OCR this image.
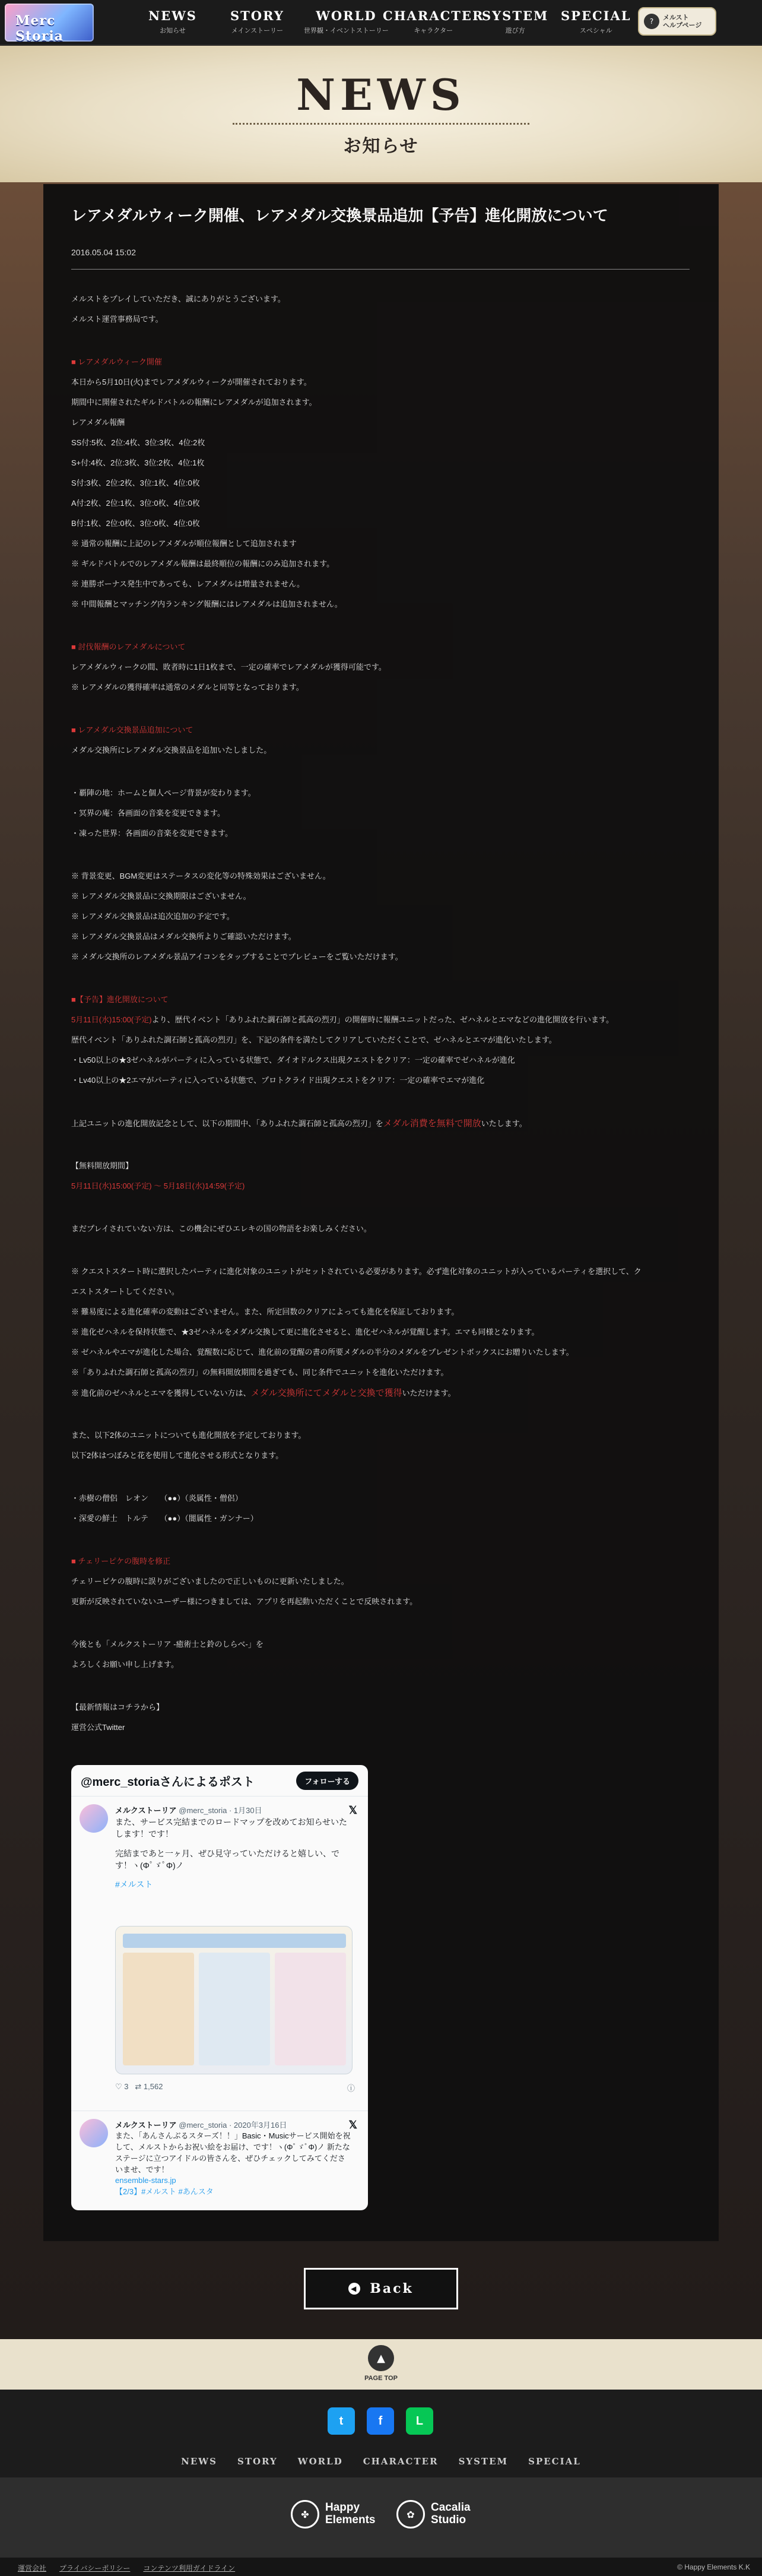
Merc Storia
NEWS
お知らせ
STORY
メインストーリー
WORLD
世界観・イベントストーリー
CHARACTER
キャラクター
SYSTEM
遊び方
SPECIAL
スペシャル
?	メルスト
ヘルプページ
NEWS
お知らせ
レアメダルウィーク開催、レアメダル交換景品追加【予告】進化開放について
2016.05.04 15:02
メルストをプレイしていただき、誠にありがとうございます。
メルスト運営事務局です。
■ レアメダルウィーク開催
本日から5月10日(火)までレアメダルウィークが開催されております。
期間中に開催されたギルドバトルの報酬にレアメダルが追加されます。
レアメダル報酬
SS付:5枚、2位:4枚、3位:3枚、4位:2枚
S+付:4枚、2位:3枚、3位:2枚、4位:1枚
S付:3枚、2位:2枚、3位:1枚、4位:0枚
A付:2枚、2位:1枚、3位:0枚、4位:0枚
B付:1枚、2位:0枚、3位:0枚、4位:0枚
※ 通常の報酬に上記のレアメダルが順位報酬として追加されます
※ ギルドバトルでのレアメダル報酬は最終順位の報酬にのみ追加されます。
※ 連勝ボーナス発生中であっても、レアメダルは増量されません。
※ 中間報酬とマッチング内ランキング報酬にはレアメダルは追加されません。
■ 討伐報酬のレアメダルについて
レアメダルウィークの間、敗者時に1日1枚まで、一定の確率でレアメダルが獲得可能です。
※ レアメダルの獲得確率は通常のメダルと同等となっております。
■ レアメダル交換景品追加について
メダル交換所にレアメダル交換景品を追加いたしました。
・覇陣の地：ホームと個人ページ背景が変わります。
・冥界の庵：各画面の音楽を変更できます。
・凍った世界：各画面の音楽を変更できます。
※ 背景変更、BGM変更はステータスの変化等の特殊効果はございません。
※ レアメダル交換景品に交換期限はございません。
※ レアメダル交換景品は追次追加の予定です。
※ レアメダル交換景品はメダル交換所よりご確認いただけます。
※ メダル交換所のレアメダル景品アイコンをタップすることでプレビューをご覧いただけます。
■【予告】進化開放について
5月11日(水)15:00(予定)より、歴代イベント「ありふれた調石師と孤高の烈刃」の開催時に報酬ユニットだった、ゼハネルとエマなどの進化開放を行います。
歴代イベント「ありふれた調石師と孤高の烈刃」を、下記の条件を満たしてクリアしていただくことで、ゼハネルとエマが進化いたします。
・Lv50以上の★3ゼハネルがパーティに入っている状態で、ダイオドルクス出現クエストをクリア：一定の確率でゼハネルが進化
・Lv40以上の★2エマがパーティに入っている状態で、プロトクライド出現クエストをクリア：一定の確率でエマが進化
上記ユニットの進化開放記念として、以下の期間中、「ありふれた調石師と孤高の烈刃」をメダル消費を無料で開放いたします。
【無料開放期間】
5月11日(水)15:00(予定) 〜 5月18日(水)14:59(予定)
まだプレイされていない方は、この機会にぜひエレキの国の物語をお楽しみください。
※ クエストスタート時に選択したパーティに進化対象のユニットがセットされている必要があります。必ず進化対象のユニットが入っているパーティを選択して、ク
エストスタートしてください。
※ 難易度による進化確率の変動はございません。また、所定回数のクリアによっても進化を保証しております。
※ 進化ゼハネルを保持状態で、★3ゼハネルをメダル交換して更に進化させると、進化ゼハネルが覚醒します。エマも同様となります。
※ ゼハネルやエマが進化した場合、覚醒数に応じて、進化前の覚醒の書の所要メダルの半分のメダルをプレゼントボックスにお贈りいたします。
※「ありふれた調石師と孤高の烈刃」の無料開放期間を過ぎても、同じ条件でユニットを進化いただけます。
※ 進化前のゼハネルとエマを獲得していない方は、メダル交換所にてメダルと交換で獲得いただけます。
また、以下2体のユニットについても進化開放を予定しております。
以下2体はつぼみと花を使用して進化させる形式となります。
・赤樹の僧侶　レオン　　（●●）（炎属性・僧侶）
・深愛の鮮士　トルテ　　（●●）（闇属性・ガンナー）
■ チェリーピケの腹時を修正
チェリーピケの腹時に誤りがございましたので正しいものに更新いたしました。
更新が反映されていないユーザー様につきましては、アプリを再起動いただくことで反映されます。
今後とも「メルクストーリア -癒術士と鈴のしらべ-」を
よろしくお願い申し上げます。
【最新情報はコチラから】
運営公式Twitter
@merc_storiaさんによるポスト	フォローする
メルクストーリア @merc_storia · 1月30日	𝕏
また、サービス完結までのロードマップを改めてお知らせいたします！です！
完結まであと一ヶ月、ぜひ見守っていただけると嬉しい、です！ヽ(ΦﾟゞﾟΦ)ノ
#メルスト
♡ 3 ⇄ 1,562	ⓘ
メルクストーリア @merc_storia · 2020年3月16日	𝕏
また、「あんさんぶるスターズ！！」Basic・Musicサービス開始を祝して、メルストからお祝い絵をお届け、です！ヽ(ΦﾟゞﾟΦ)ノ 新たなステージに立つアイドルの皆さんを、ぜひチェックしてみてくださいませ、です！
ensemble-stars.jp
【2/3】#メルスト #あんスタ
◀ Back
▲
PAGE TOP
t	f	L
NEWS STORY WORLD CHARACTER SYSTEM SPECIAL
✤
Happy
Elements	✿
Cacalia
Studio
運営会社 プライバシーポリシー コンテンツ利用ガイドライン	© Happy Elements K.K
